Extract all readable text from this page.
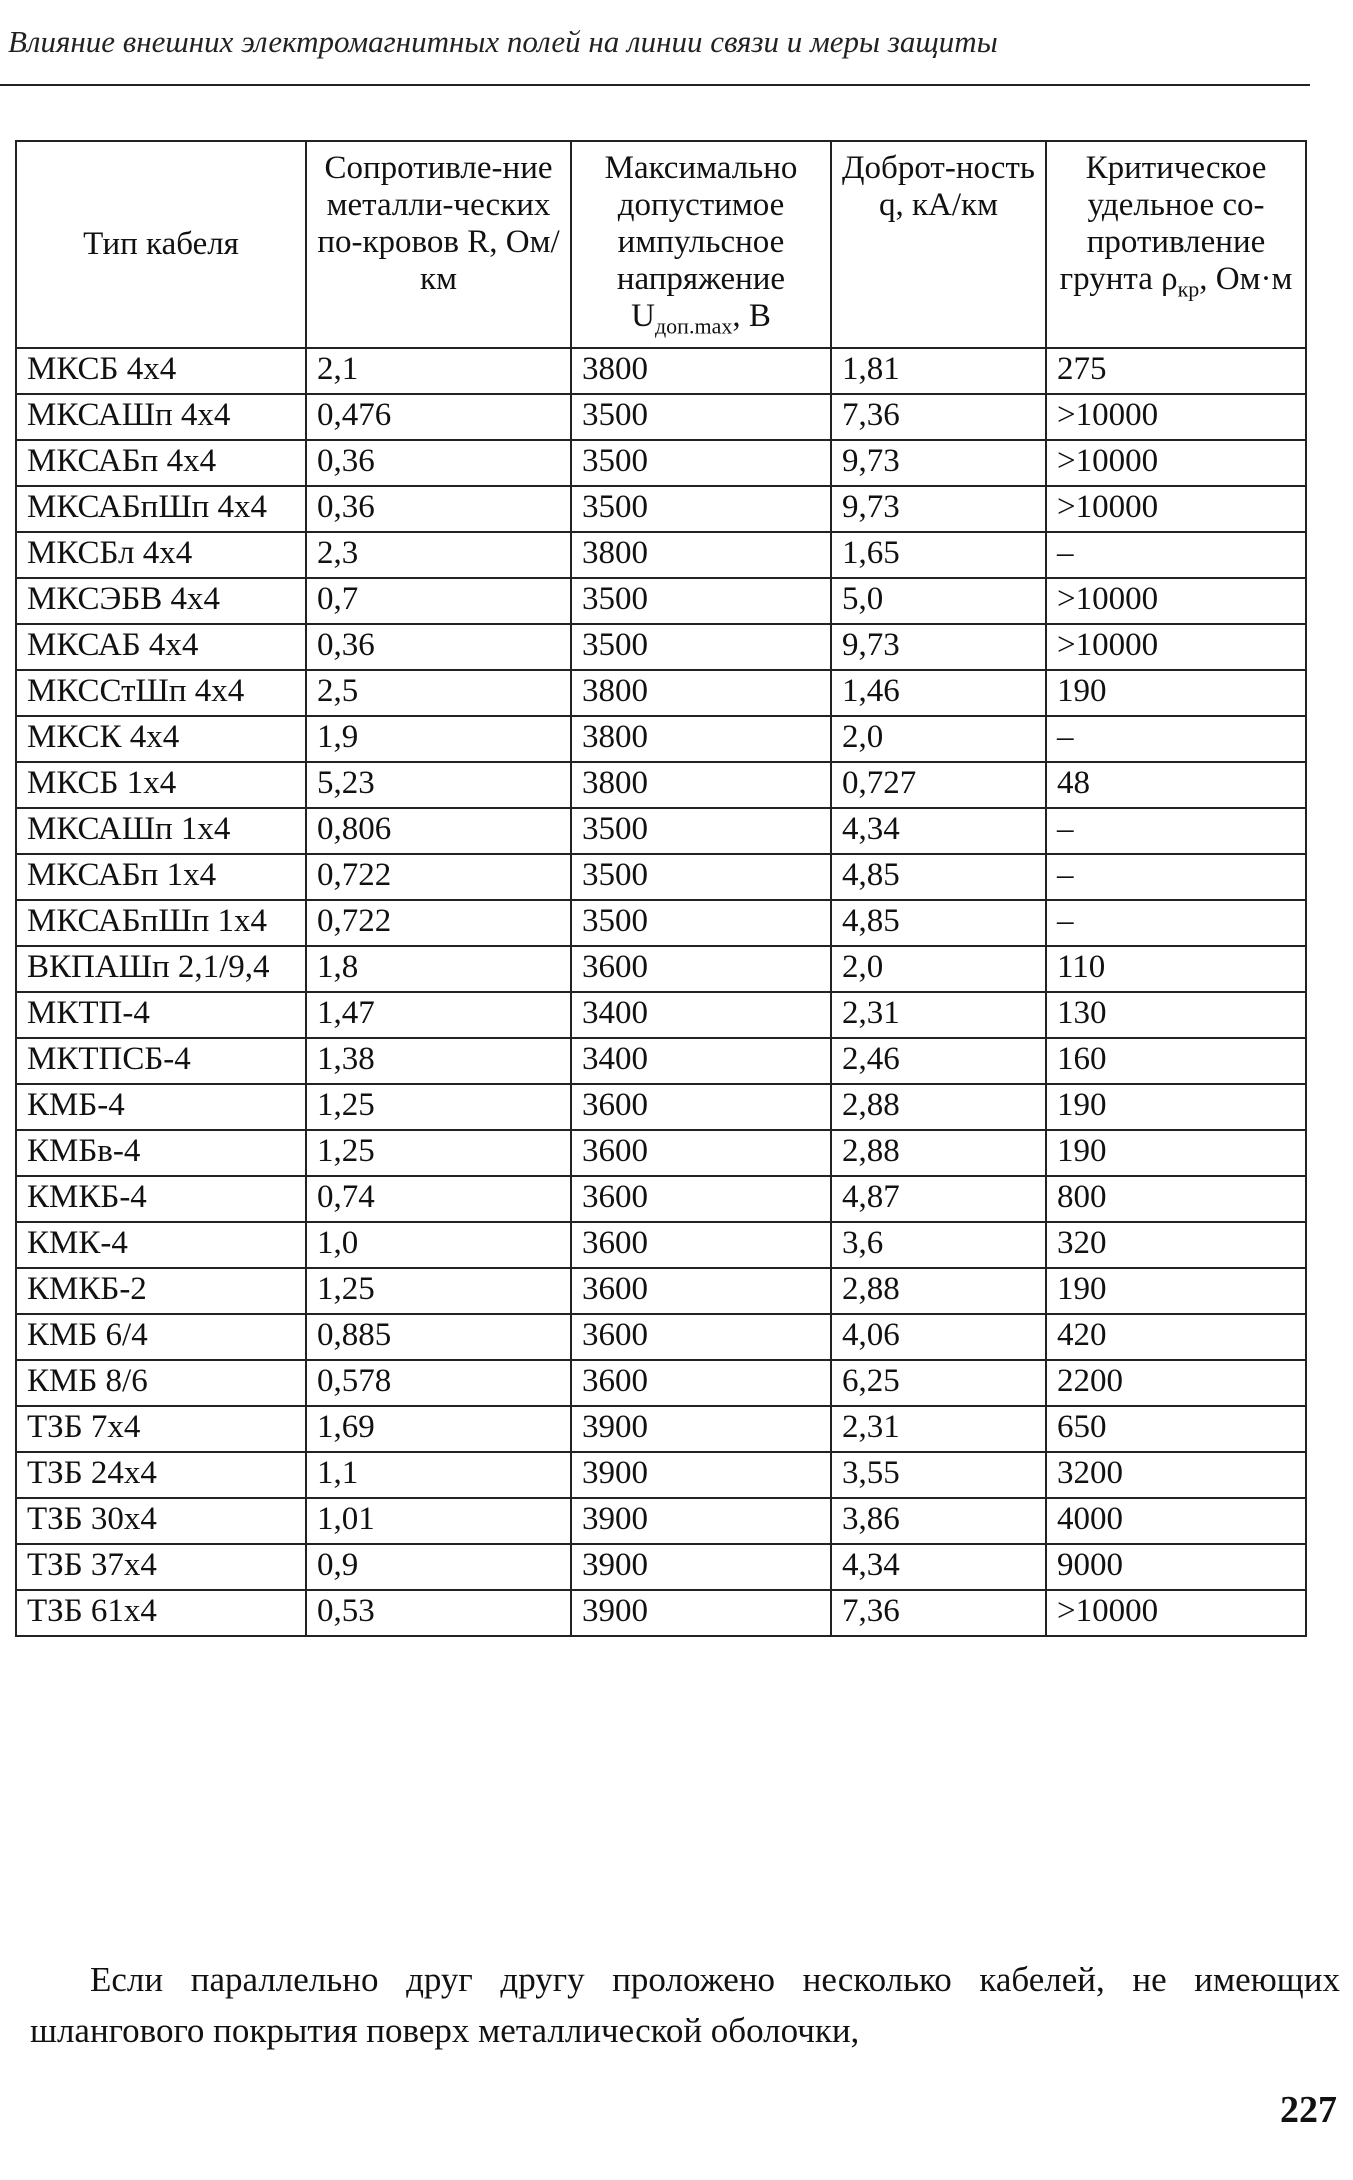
Влияние внешних электромагнитных полей на линии связи и меры защиты
Тип кабеля	Сопротивле-ние металли-ческих по-кровов R, Ом/км	Максимально допустимое импульсное напряжение $U_{доп.max}$, В	Доброт-ность q, кА/км	Критическое удельное со-противление грунта $\rho_{кр}$, Ом·м
МКСБ 4х4	2,1	3800	1,81	275
МКСАШп 4х4	0,476	3500	7,36	>10000
МКСАБп 4х4	0,36	3500	9,73	>10000
МКСАБпШп 4х4	0,36	3500	9,73	>10000
МКСБл 4х4	2,3	3800	1,65	–
МКСЭБВ 4х4	0,7	3500	5,0	>10000
МКСАБ 4х4	0,36	3500	9,73	>10000
МКССтШп 4х4	2,5	3800	1,46	190
МКСК 4х4	1,9	3800	2,0	–
МКСБ 1х4	5,23	3800	0,727	48
МКСАШп 1х4	0,806	3500	4,34	–
МКСАБп 1х4	0,722	3500	4,85	–
МКСАБпШп 1х4	0,722	3500	4,85	–
ВКПАШп 2,1/9,4	1,8	3600	2,0	110
МКТП-4	1,47	3400	2,31	130
МКТПСБ-4	1,38	3400	2,46	160
КМБ-4	1,25	3600	2,88	190
КМБв-4	1,25	3600	2,88	190
КМКБ-4	0,74	3600	4,87	800
КМК-4	1,0	3600	3,6	320
КМКБ-2	1,25	3600	2,88	190
КМБ 6/4	0,885	3600	4,06	420
КМБ 8/6	0,578	3600	6,25	2200
ТЗБ 7х4	1,69	3900	2,31	650
ТЗБ 24х4	1,1	3900	3,55	3200
ТЗБ 30х4	1,01	3900	3,86	4000
ТЗБ 37х4	0,9	3900	4,34	9000
ТЗБ 61х4	0,53	3900	7,36	>10000
Если параллельно друг другу проложено несколько кабелей, не имеющих шлангового покрытия поверх металлической оболочки,
227
